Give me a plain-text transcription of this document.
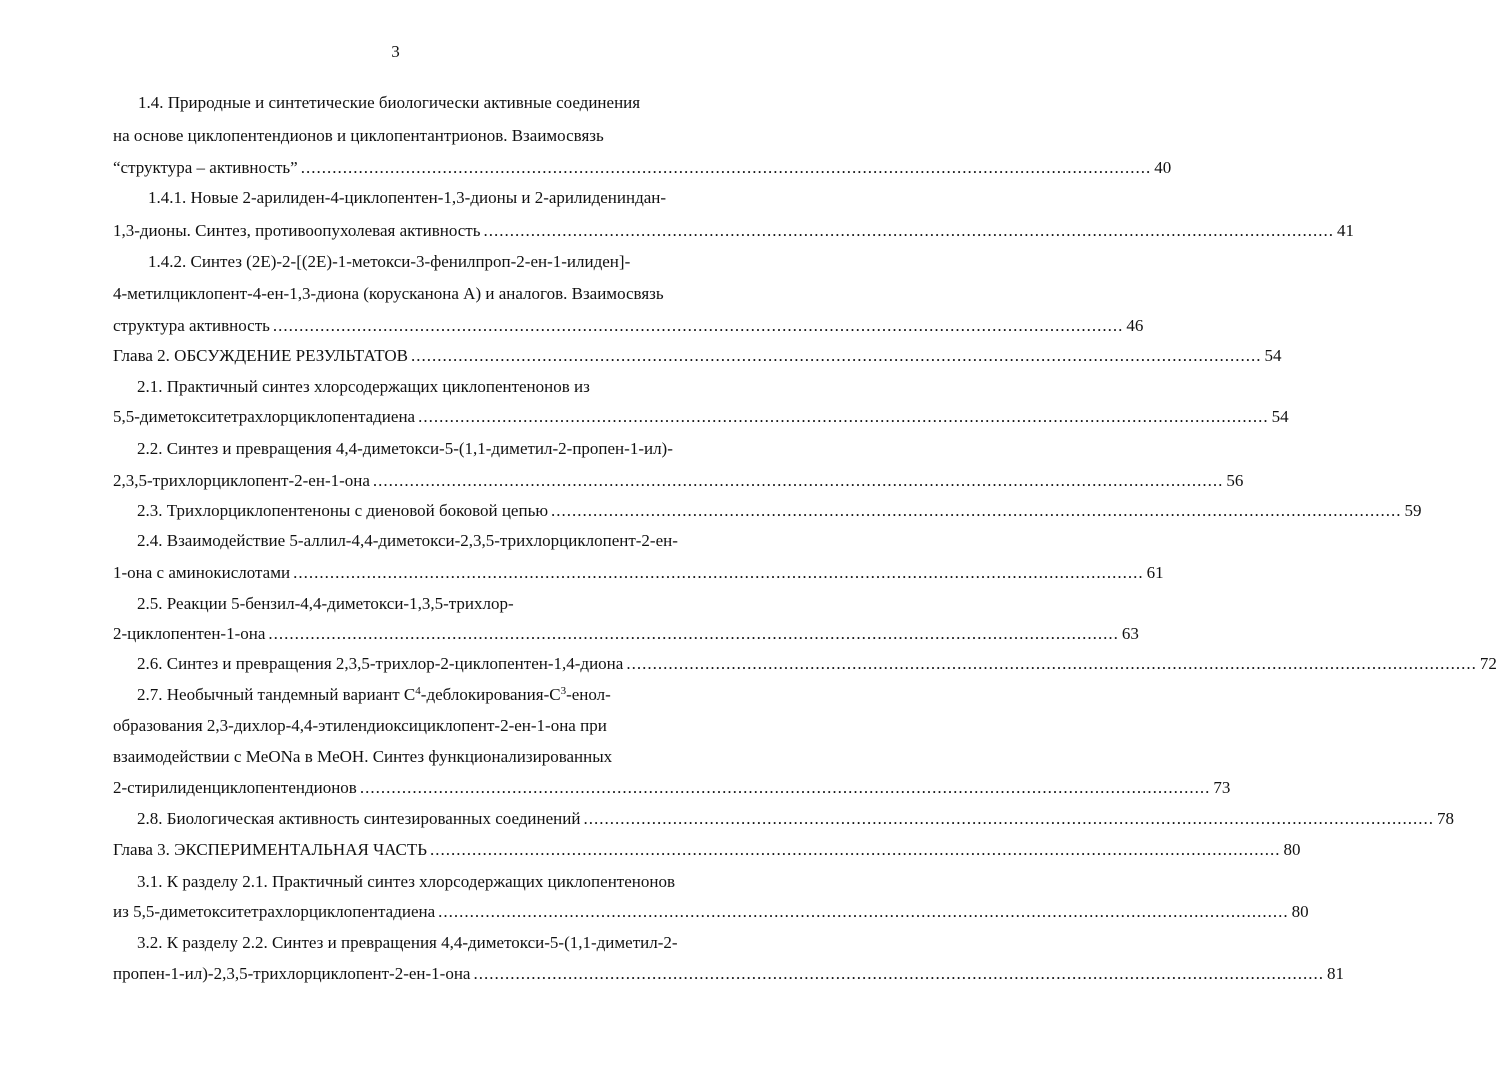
3
1.4. Природные и синтетические биологически активные соединения
на основе циклопентендионов и циклопентантрионов. Взаимосвязь
“структура – активность” .................................................................................................................................................................. 40
1.4.1. Новые 2-арилиден-4-циклопентен-1,3-дионы и 2-арилидениндан-
1,3-дионы. Синтез, противоопухолевая активность .................................................................................................................................................................. 41
1.4.2. Синтез (2E)-2-[(2E)-1-метокси-3-фенилпроп-2-ен-1-илиден]-
4-метилциклопент-4-ен-1,3-диона (корусканона A) и аналогов. Взаимосвязь
структура активность .................................................................................................................................................................. 46
Глава 2. ОБСУЖДЕНИЕ РЕЗУЛЬТАТОВ .................................................................................................................................................................. 54
2.1. Практичный синтез хлорсодержащих циклопентенонов из
5,5-диметокситетрахлорциклопентадиена .................................................................................................................................................................. 54
2.2. Синтез и превращения 4,4-диметокси-5-(1,1-диметил-2-пропен-1-ил)-
2,3,5-трихлорциклопент-2-ен-1-она .................................................................................................................................................................. 56
2.3. Трихлорциклопентеноны с диеновой боковой цепью .................................................................................................................................................................. 59
2.4. Взаимодействие 5-аллил-4,4-диметокси-2,3,5-трихлорциклопент-2-ен-
1-она с аминокислотами .................................................................................................................................................................. 61
2.5. Реакции 5-бензил-4,4-диметокси-1,3,5-трихлор-
2-циклопентен-1-она .................................................................................................................................................................. 63
2.6. Синтез и превращения 2,3,5-трихлор-2-циклопентен-1,4-диона .................................................................................................................................................................. 72
2.7. Необычный тандемный вариант $C^4-деблокирования-C^3-енол-$
образования 2,3-дихлор-4,4-этилендиоксициклопент-2-ен-1-она при
взаимодействии с MeONa в MeOH. Синтез функционализированных
2-стирилиденциклопентендионов .................................................................................................................................................................. 73
2.8. Биологическая активность синтезированных соединений .................................................................................................................................................................. 78
Глава 3. ЭКСПЕРИМЕНТАЛЬНАЯ ЧАСТЬ .................................................................................................................................................................. 80
3.1. К разделу 2.1. Практичный синтез хлорсодержащих циклопентенонов
из 5,5-диметокситетрахлорциклопентадиена .................................................................................................................................................................. 80
3.2. К разделу 2.2. Синтез и превращения 4,4-диметокси-5-(1,1-диметил-2-
пропен-1-ил)-2,3,5-трихлорциклопент-2-ен-1-она .................................................................................................................................................................. 81
